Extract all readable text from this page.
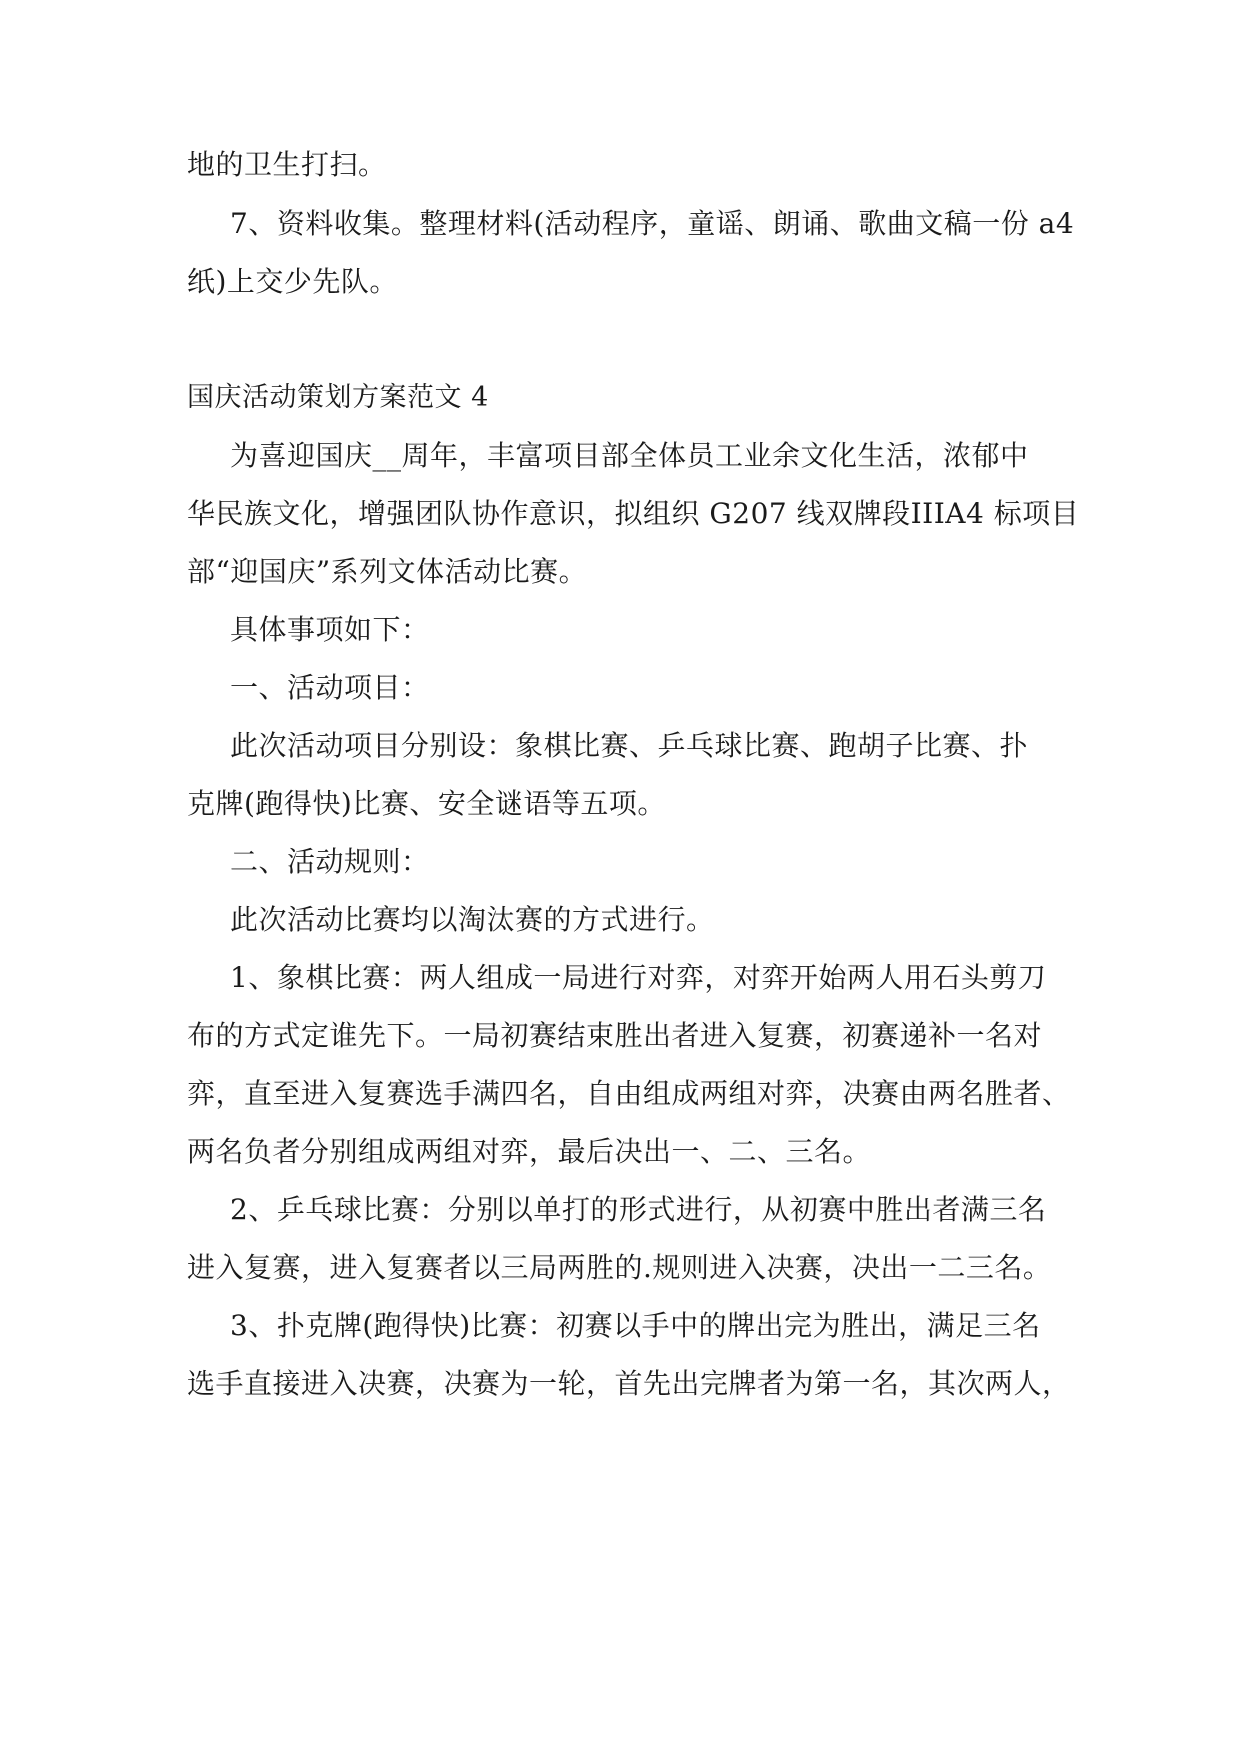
地的卫生打扫。
7、资料收集。整理材料(活动程序，童谣、朗诵、歌曲文稿一份 a4
纸)上交少先队。
国庆活动策划方案范文 4
为喜迎国庆__周年，丰富项目部全体员工业余文化生活，浓郁中
华民族文化，增强团队协作意识，拟组织 G207 线双牌段IIIA4 标项目
部“迎国庆”系列文体活动比赛。
具体事项如下：
一、活动项目：
此次活动项目分别设：象棋比赛、乒乓球比赛、跑胡子比赛、扑
克牌(跑得快)比赛、安全谜语等五项。
二、活动规则：
此次活动比赛均以淘汰赛的方式进行。
1、象棋比赛：两人组成一局进行对弈，对弈开始两人用石头剪刀
布的方式定谁先下。一局初赛结束胜出者进入复赛，初赛递补一名对
弈，直至进入复赛选手满四名，自由组成两组对弈，决赛由两名胜者、
两名负者分别组成两组对弈，最后决出一、二、三名。
2、乒乓球比赛：分别以单打的形式进行，从初赛中胜出者满三名
进入复赛，进入复赛者以三局两胜的.规则进入决赛，决出一二三名。
3、扑克牌(跑得快)比赛：初赛以手中的牌出完为胜出，满足三名
选手直接进入决赛，决赛为一轮，首先出完牌者为第一名，其次两人，
